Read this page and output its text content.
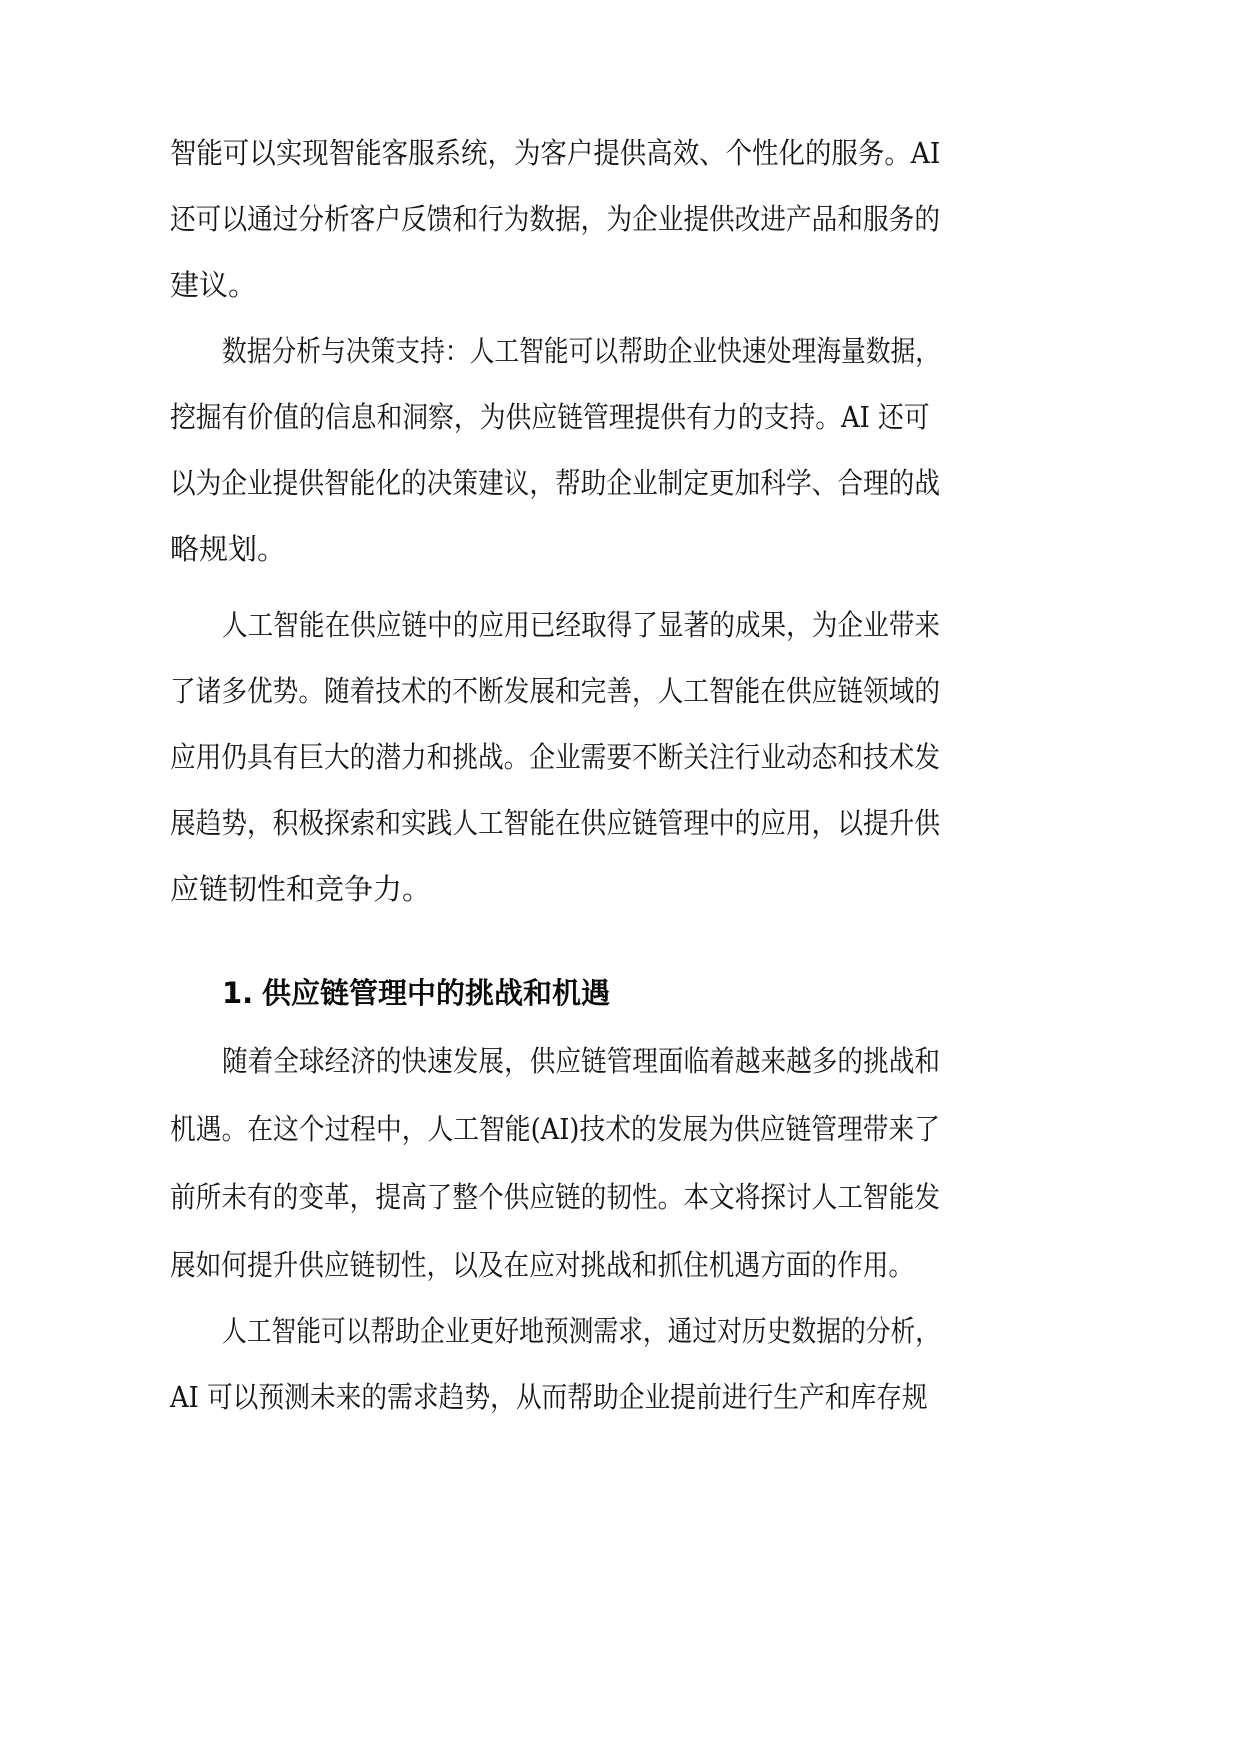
智能可以实现智能客服系统，为客户提供高效、个性化的服务。AI
还可以通过分析客户反馈和行为数据，为企业提供改进产品和服务的
建议。
数据分析与决策支持：人工智能可以帮助企业快速处理海量数据，
挖掘有价值的信息和洞察，为供应链管理提供有力的支持。AI 还可
以为企业提供智能化的决策建议，帮助企业制定更加科学、合理的战
略规划。
人工智能在供应链中的应用已经取得了显著的成果，为企业带来
了诸多优势。随着技术的不断发展和完善，人工智能在供应链领域的
应用仍具有巨大的潜力和挑战。企业需要不断关注行业动态和技术发
展趋势，积极探索和实践人工智能在供应链管理中的应用，以提升供
应链韧性和竞争力。
1. 供应链管理中的挑战和机遇
随着全球经济的快速发展，供应链管理面临着越来越多的挑战和
机遇。在这个过程中，人工智能(AI)技术的发展为供应链管理带来了
前所未有的变革，提高了整个供应链的韧性。本文将探讨人工智能发
展如何提升供应链韧性，以及在应对挑战和抓住机遇方面的作用。
人工智能可以帮助企业更好地预测需求，通过对历史数据的分析，
AI 可以预测未来的需求趋势，从而帮助企业提前进行生产和库存规
